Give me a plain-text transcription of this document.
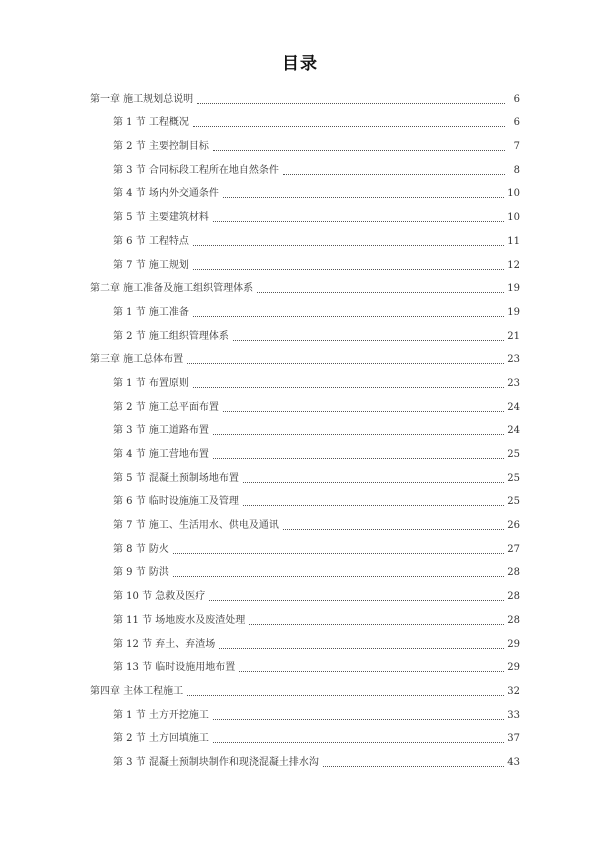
目录
第一章 施工规划总说明	6
第 1 节 工程概况	6
第 2 节 主要控制目标	7
第 3 节 合同标段工程所在地自然条件	8
第 4 节 场内外交通条件	10
第 5 节 主要建筑材料	10
第 6 节 工程特点	11
第 7 节 施工规划	12
第二章 施工准备及施工组织管理体系	19
第 1 节 施工准备	19
第 2 节 施工组织管理体系	21
第三章 施工总体布置	23
第 1 节 布置原则	23
第 2 节 施工总平面布置	24
第 3 节 施工道路布置	24
第 4 节 施工营地布置	25
第 5 节 混凝土预制场地布置	25
第 6 节 临时设施施工及管理	25
第 7 节 施工、生活用水、供电及通讯	26
第 8 节 防火	27
第 9 节 防洪	28
第 10 节 急救及医疗	28
第 11 节 场地废水及废渣处理	28
第 12 节 弃土、弃渣场	29
第 13 节 临时设施用地布置	29
第四章 主体工程施工	32
第 1 节 土方开挖施工	33
第 2 节 土方回填施工	37
第 3 节 混凝土预制块制作和现浇混凝土排水沟	43
